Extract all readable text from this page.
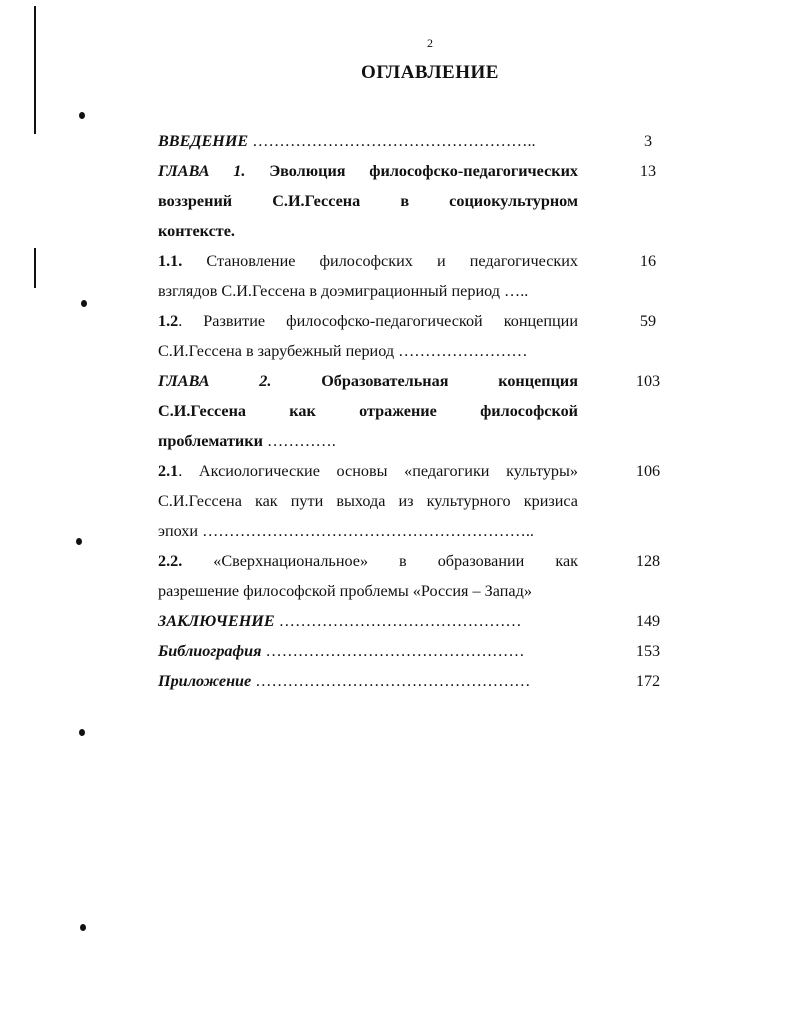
2
ОГЛАВЛЕНИЕ
ВВЕДЕНИЕ ……………………………………………..	3
ГЛАВА 1. Эволюция философско-педагогических	13
воззрений С.И.Гессена в социокультурном
контексте.
1.1. Становление философских и педагогических	16
взглядов С.И.Гессена в доэмиграционный период …..
1.2. Развитие философско-педагогической концепции	59
С.И.Гессена в зарубежный период ……………………
ГЛАВА 2. Образовательная концепция	103
С.И.Гессена как отражение философской
проблематики ………….
2.1. Аксиологические основы «педагогики культуры»	106
С.И.Гессена как пути выхода из культурного кризиса
эпохи ……………………………………………………..
2.2. «Сверхнациональное» в образовании как	128
разрешение философской проблемы «Россия – Запад»
ЗАКЛЮЧЕНИЕ ………………………………………	149
Библиография …………………………………………	153
Приложение ……………………………………………	172
